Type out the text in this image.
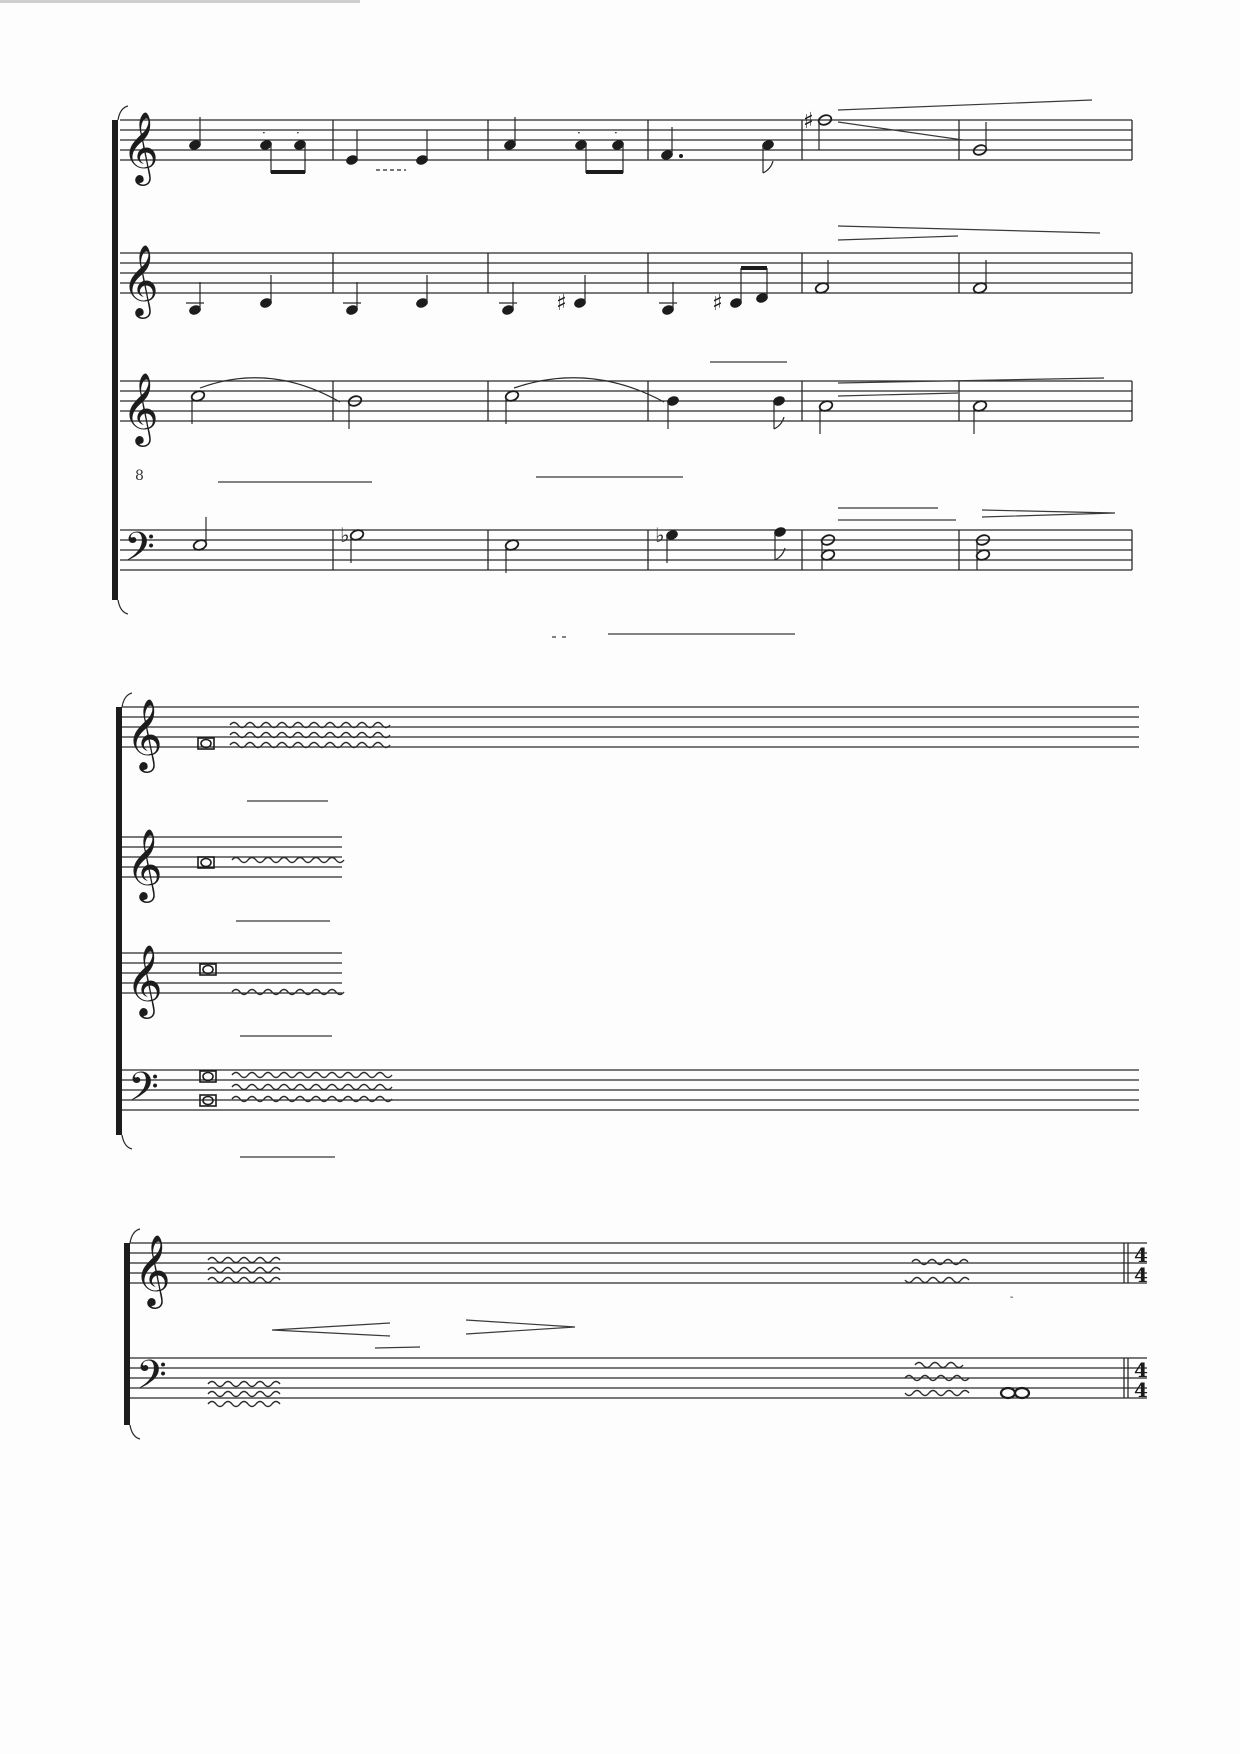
𝄞
𝄞
𝄞
8
𝄢
·	·	·	·	♯
♯	♯
♭	♭
𝄞
𝄞
𝄞
𝄢
𝄞
𝄢
-
4
4
4
4
